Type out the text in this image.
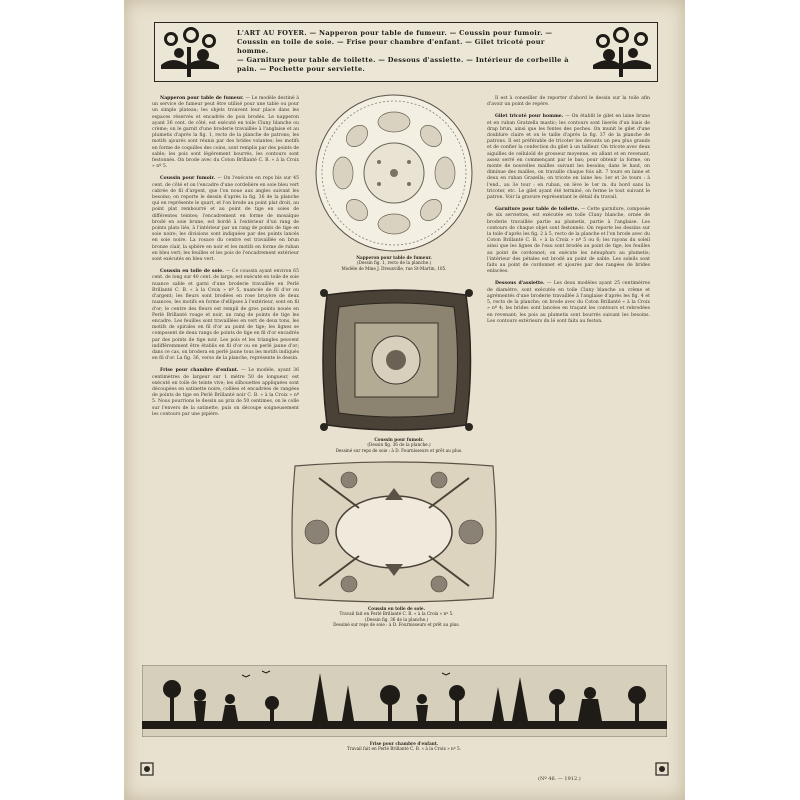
L'ART AU FOYER. — Napperon pour table de fumeur. — Coussin pour fumoir. —
Coussin en toile de soie. — Frise pour chambre d'enfant. — Gilet tricoté pour homme.
— Garniture pour table de toilette. — Dessous d'assiette. — Intérieur de corbeille à
pain. — Pochette pour serviette.

Napperon pour table de fumeur. — Le modèle destiné à un service de fumeur peut être utilisé pour une table ou pour un simple plateau; les objets trouvent leur place dans les espaces réservés et encadrés de pois brodés. Le napperon ayant 36 cent. de côté, est exécuté en toile Cluny blanche ou crème; on le garnit d'une broderie travaillée à l'anglaise et au plumetis d'après la fig. 1, recto de la planche de patrons; les motifs ajourés sont réunis par des brides volantes; les motifs en forme de coquilles des coins, sont remplis par des points de sable; les pois sont légèrement bourrés, les contours sont festonnés. On brode avec du Coton Brillanté C. B. « à la Croix » nº 5.

Coussin pour fumoir. — On l'exécute en reps bis sur 45 cent. de côté et on l'encadre d'une cordelière en soie bleu vert cabrée de fil d'argent, que l'on noue aux angles suivant les besoins; on reporte le dessin d'après la fig. 36 de la planche qui en représente le quart, et l'on brode au point plat droit, au point plat rembourré et au point de tige en soies de différentes teintes; l'encadrement en forme de mosaïque brodé en soie brune, est bordé à l'extérieur d'un rang de points plats liés, à l'intérieur par un rang de points de tige en soie noire; les divisions sont indiquées par des points lancés en soie noire. La rosace du centre est travaillée en brun bronze clair, la sphère en noir et les motifs en forme de ruban en bleu vert; les feuilles et les pois de l'encadrement extérieur sont exécutés en bleu vert.

Coussin en toile de soie. — Ce coussin ayant environ 65 cent. de long sur 40 cent. de large, est exécuté en toile de soie nuance sable et garni d'une broderie travaillée en Perlé Brillanté C. B. « à la Croix » nº 5, nuancée de fil d'or ou d'argent; les fleurs sont brodées en rose bruyère de deux nuances, les motifs en forme d'ellipses à l'extérieur, sont en fil d'or; le centre des fleurs est rempli de gros points noués en Perlé Brillanté rouge et noir, un rang de points de tige les encadre. Les feuilles sont travaillées en vert de deux tons, les motifs de spirales en fil d'or au point de tige; les lignes se composent de deux rangs de points de tige en fil d'or encadrés par des points de tige noir. Les pois et les triangles peuvent indifféremment être établis en fil d'or ou en perlé jaune d'or; dans ce cas, on brodera en perlé jaune tous les motifs indiqués en fil d'or. La fig. 36, verso de la planche, représente le dessin.

Frise pour chambre d'enfant. — Le modèle, ayant 36 centimètres de largeur sur 1 mètre 50 de longueur, est exécuté en toile de teinte vive; les silhouettes appliquées sont découpées en satinette noire, collées et encadrées de rangées de points de tige en Perlé Brillanté noir C. B. « à la Croix » nº 5. Nous pourrions le dessin au prix de 50 centimes, on le colle sur l'envers de la satinette, puis on découpe soigneusement les contours par une pipière.

Il est à conseiller de reporter d'abord le dessin sur la toile afin d'avoir un point de repère.

Gilet tricoté pour homme. — On établit le gilet en laine brune et en ruban Gratzella mastic; les contours sont liserés d'un biais de drap brun, ainsi que les fentes des poches. On munit le gilet d'une doublure claire et on le taille d'après la fig. 37 de la planche de patrons. Il est préférable de tricoter les devants un peu plus grands et de confier la confection du gilet à un tailleur. On tricote avec deux aiguilles de celluloïd de grosseur moyenne, en allant et en revenant, assez serré en commençant par le bas; pour obtenir la forme, on monte de nouvelles mailles suivant les besoins; dans le haut, on diminue des mailles, on travaille chaque fois alt. 7 tours en laine et deux en ruban Grazella; on tricote en laine les: 1er et 2e tours : à l'end., au 3e tour : en ruban, on lève le 1er m. du bord sans la tricoter, etc. Le gilet ayant été terminé, on ferme le tout suivant le patron. Voir la gravure représentant le détail du travail.

Garniture pour table de toilette. — Cette garniture, composée de six serviettes, est exécutée en toile Cluny blanche, ornée de broderie travaillée partie au plumetis, partie à l'anglaise. Les contours de chaque objet sont festonnés. On reporte les dessins sur la toile d'après les fig. 2 à 5, recto de la planche et l'on brode avec du Coton Brillanté C. B. « à la Croix » nº 5 ou 6; les rayons du soleil ainsi que les lignes de l'eau sont brodés au point de tige, les feuilles au point de cordonnet; on exécute les nénuphars au plumetis; l'intérieur des pétales est brodé au point de sable. Les soleils sont faits au point de cordonnet et ajourés par des rangées de brides enlacées.

Dessous d'assiette. — Les deux modèles ayant 25 centimètres de diamètre, sont exécutés en toile Cluny blanche ou crème et agrémentés d'une broderie travaillée à l'anglaise d'après les fig. 4 et 5, recto de la planche; on brode avec du Coton Brillanté « à la Croix » nº 4; les brides sont lancées en traçant les contours et rebrodées en revenant; les pois au plumetis sont bourrés suivant les besoins. Les contours extérieurs du lé sont faits au feston.

Napperon pour table de fumeur.
(Dessin fig. 1, recto de la planche.)
Modèle de Mme J. Dreuxville, rue St-Martin, 105.
Coussin pour fumoir.
(Dessin fig. 36 de la planche.)
Dessiné sur reps de soie : à D. Fournisseurs et prêt au plus.
Coussin en toile de soie.
Travail fait en Perlé Brillanté C. B. « à la Croix » nº 5.
(Dessin fig. 36 de la planche.)
Dessiné sur reps de soie : à D. Fournisseurs et prêt au plus.
Frise pour chambre d'enfant.
Travail fait en Perlé Brillanté C. B. « à la Croix » nº 5.
(Nº 46. — 1912.)
